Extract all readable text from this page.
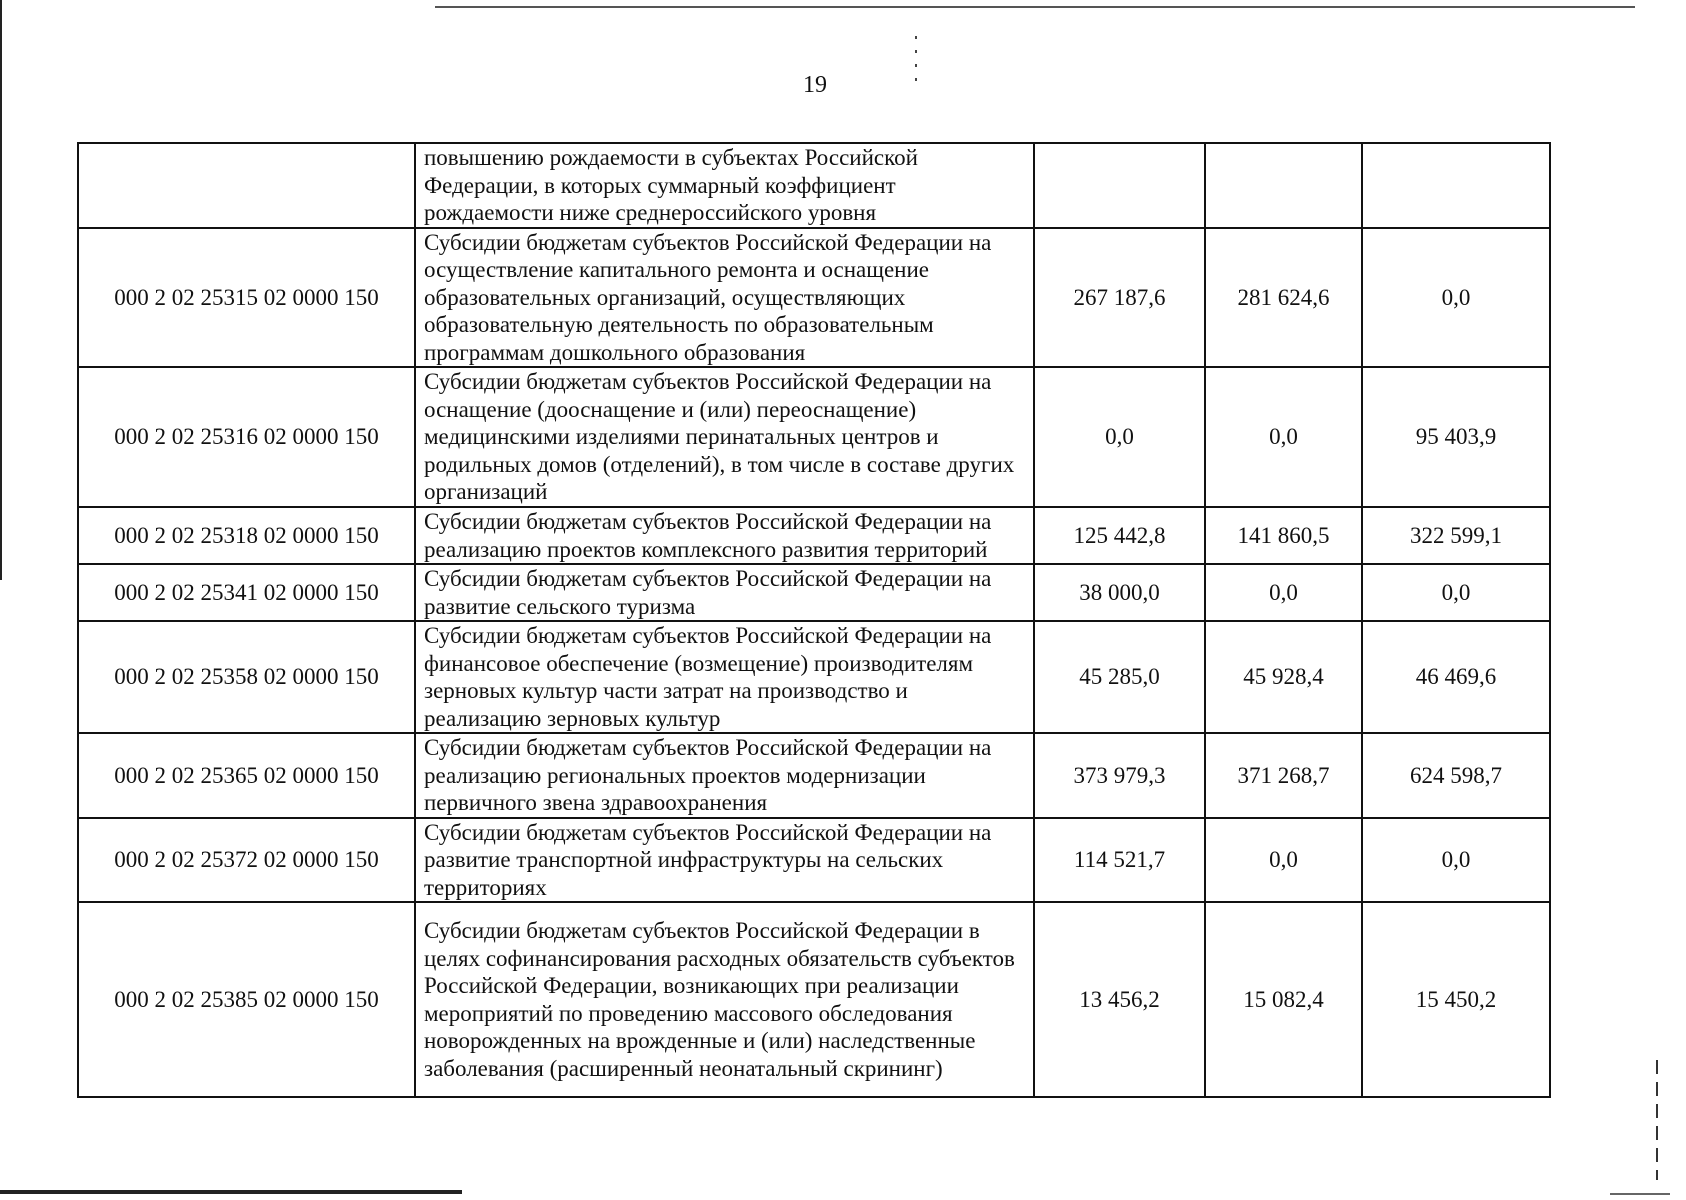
19
	повышению рождаемости в субъектах Российской Федерации, в которых суммарный коэффициент рождаемости ниже среднероссийского уровня			
000 2 02 25315 02 0000 150	Субсидии бюджетам субъектов Российской Федерации на осуществление капитального ремонта и оснащение образовательных организаций, осуществляющих образовательную деятельность по образовательным программам дошкольного образования	267 187,6	281 624,6	0,0
000 2 02 25316 02 0000 150	Субсидии бюджетам субъектов Российской Федерации на оснащение (дооснащение и (или) переоснащение) медицинскими изделиями перинатальных центров и родильных домов (отделений), в том числе в составе других организаций	0,0	0,0	95 403,9
000 2 02 25318 02 0000 150	Субсидии бюджетам субъектов Российской Федерации на реализацию проектов комплексного развития территорий	125 442,8	141 860,5	322 599,1
000 2 02 25341 02 0000 150	Субсидии бюджетам субъектов Российской Федерации на развитие сельского туризма	38 000,0	0,0	0,0
000 2 02 25358 02 0000 150	Субсидии бюджетам субъектов Российской Федерации на финансовое обеспечение (возмещение) производителям зерновых культур части затрат на производство и реализацию зерновых культур	45 285,0	45 928,4	46 469,6
000 2 02 25365 02 0000 150	Субсидии бюджетам субъектов Российской Федерации на реализацию региональных проектов модернизации первичного звена здравоохранения	373 979,3	371 268,7	624 598,7
000 2 02 25372 02 0000 150	Субсидии бюджетам субъектов Российской Федерации на развитие транспортной инфраструктуры на сельских территориях	114 521,7	0,0	0,0
000 2 02 25385 02 0000 150	Субсидии бюджетам субъектов Российской Федерации в целях софинансирования расходных обязательств субъектов Российской Федерации, возникающих при реализации мероприятий по проведению массового обследования новорожденных на врожденные и (или) наследственные заболевания (расширенный неонатальный скрининг)	13 456,2	15 082,4	15 450,2
